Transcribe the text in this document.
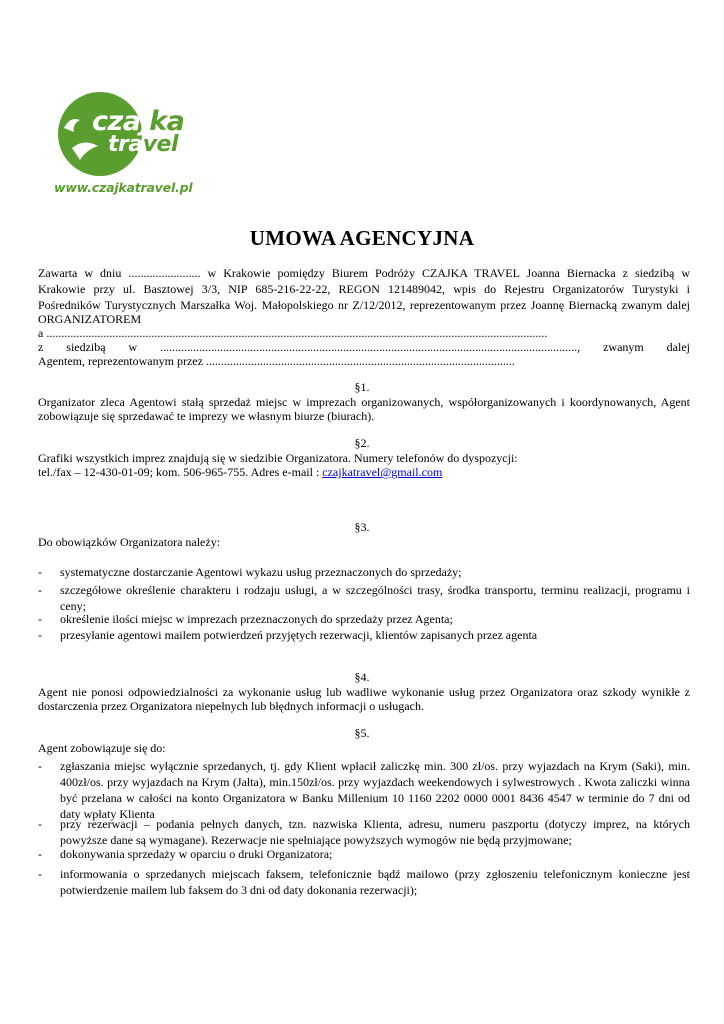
czajka
travel
www.czajkatravel.pl
UMOWA AGENCYJNA
Zawarta w dniu ........................ w Krakowie pomiędzy Biurem Podróży CZAJKA TRAVEL Joanna Biernacka z siedzibą w
Krakowie przy ul. Basztowej 3/3, NIP 685-216-22-22, REGON 121489042, wpis do Rejestru Organizatorów Turystyki i
Pośredników Turystycznych Marszałka Woj. Małopolskiego nr Z/12/2012, reprezentowanym przez Joannę Biernacką zwanym dalej
ORGANIZATOREM
a .......................................................................................................................................................................
z siedzibą w ..........................................................................................................................................., zwanym dalej
Agentem, reprezentowanym przez .......................................................................................................
§1.
Organizator zleca Agentowi stałą sprzedaż miejsc w imprezach organizowanych, współorganizowanych i koordynowanych, Agent
zobowiązuje się sprzedawać te imprezy we własnym biurze (biurach).
§2.
Grafiki wszystkich imprez znajdują się w siedzibie Organizatora. Numery telefonów do dyspozycji:
tel./fax – 12-430-01-09; kom. 506-965-755. Adres e-mail : czajkatravel@gmail.com
§3.
Do obowiązków Organizatora należy:
-	systematyczne dostarczanie Agentowi wykazu usług przeznaczonych do sprzedaży;
-	szczegółowe określenie charakteru i rodzaju usługi, a w szczególności trasy, środka transportu, terminu realizacji, programu i ceny;
-	określenie ilości miejsc w imprezach przeznaczonych do sprzedaży przez Agenta;
-	przesyłanie agentowi mailem potwierdzeń przyjętych rezerwacji, klientów zapisanych przez agenta
§4.
Agent nie ponosi odpowiedzialności za wykonanie usług lub wadliwe wykonanie usług przez Organizatora oraz szkody wynikłe z
dostarczenia przez Organizatora niepełnych lub błędnych informacji o usługach.
§5.
Agent zobowiązuje się do:
-	zgłaszania miejsc wyłącznie sprzedanych, tj. gdy Klient wpłacił zaliczkę min. 300 zł/os. przy wyjazdach na Krym (Saki), min. 400zł/os. przy wyjazdach na Krym (Jałta), min.150zł/os. przy wyjazdach weekendowych i sylwestrowych . Kwota zaliczki winna być przelana w całości na konto Organizatora w Banku Millenium 10 1160 2202 0000 0001 8436 4547 w terminie do 7 dni od daty wpłaty Klienta
-	przy rezerwacji – podania pełnych danych, tzn. nazwiska Klienta, adresu, numeru paszportu (dotyczy imprez, na których powyższe dane są wymagane). Rezerwacje nie spełniające powyższych wymogów nie będą przyjmowane;
-	dokonywania sprzedaży w oparciu o druki Organizatora;
-	informowania o sprzedanych miejscach faksem, telefonicznie bądź mailowo (przy zgłoszeniu telefonicznym konieczne jest potwierdzenie mailem lub faksem do 3 dni od daty dokonania rezerwacji);
